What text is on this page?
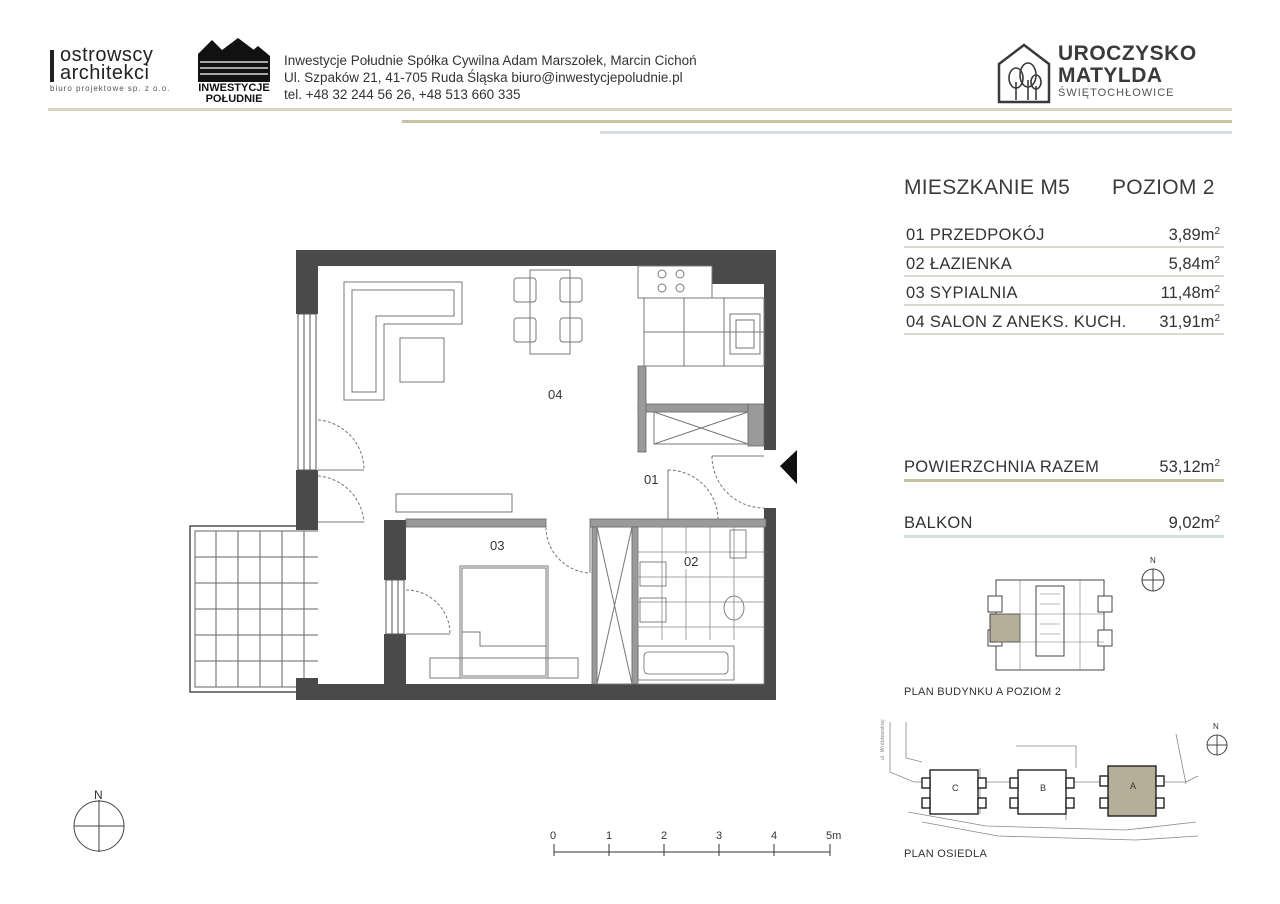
ostrowscy
architekci
biuro projektowe sp. z o.o.	INWESTYCJE
POŁUDNIE
Inwestycje Południe Spółka Cywilna Adam Marszołek, Marcin Cichoń
Ul. Szpaków 21, 41-705 Ruda Śląska biuro@inwestycjepoludnie.pl
tel. +48 32 244 56 26, +48 513 660 335
UROCZYSKO
MATYLDA
ŚWIĘTOCHŁOWICE
04
01
03
02
MIESZKANIE M5 POZIOM 2
01 PRZEDPOKÓJ	$3,89m^2$
02 ŁAZIENKA	$5,84m^2$
03 SYPIALNIA	$11,48m^2$
04 SALON Z ANEKS. KUCH. $31,91m^2$
POWIERZCHNIA RAZEM	$53,12m^2$
BALKON	$9,02m^2$
N
PLAN BUDYNKU A POZIOM 2
C	B	A
ul. Wróblewskiej	N
PLAN OSIEDLA
0	1	2	3	4	5m
N
